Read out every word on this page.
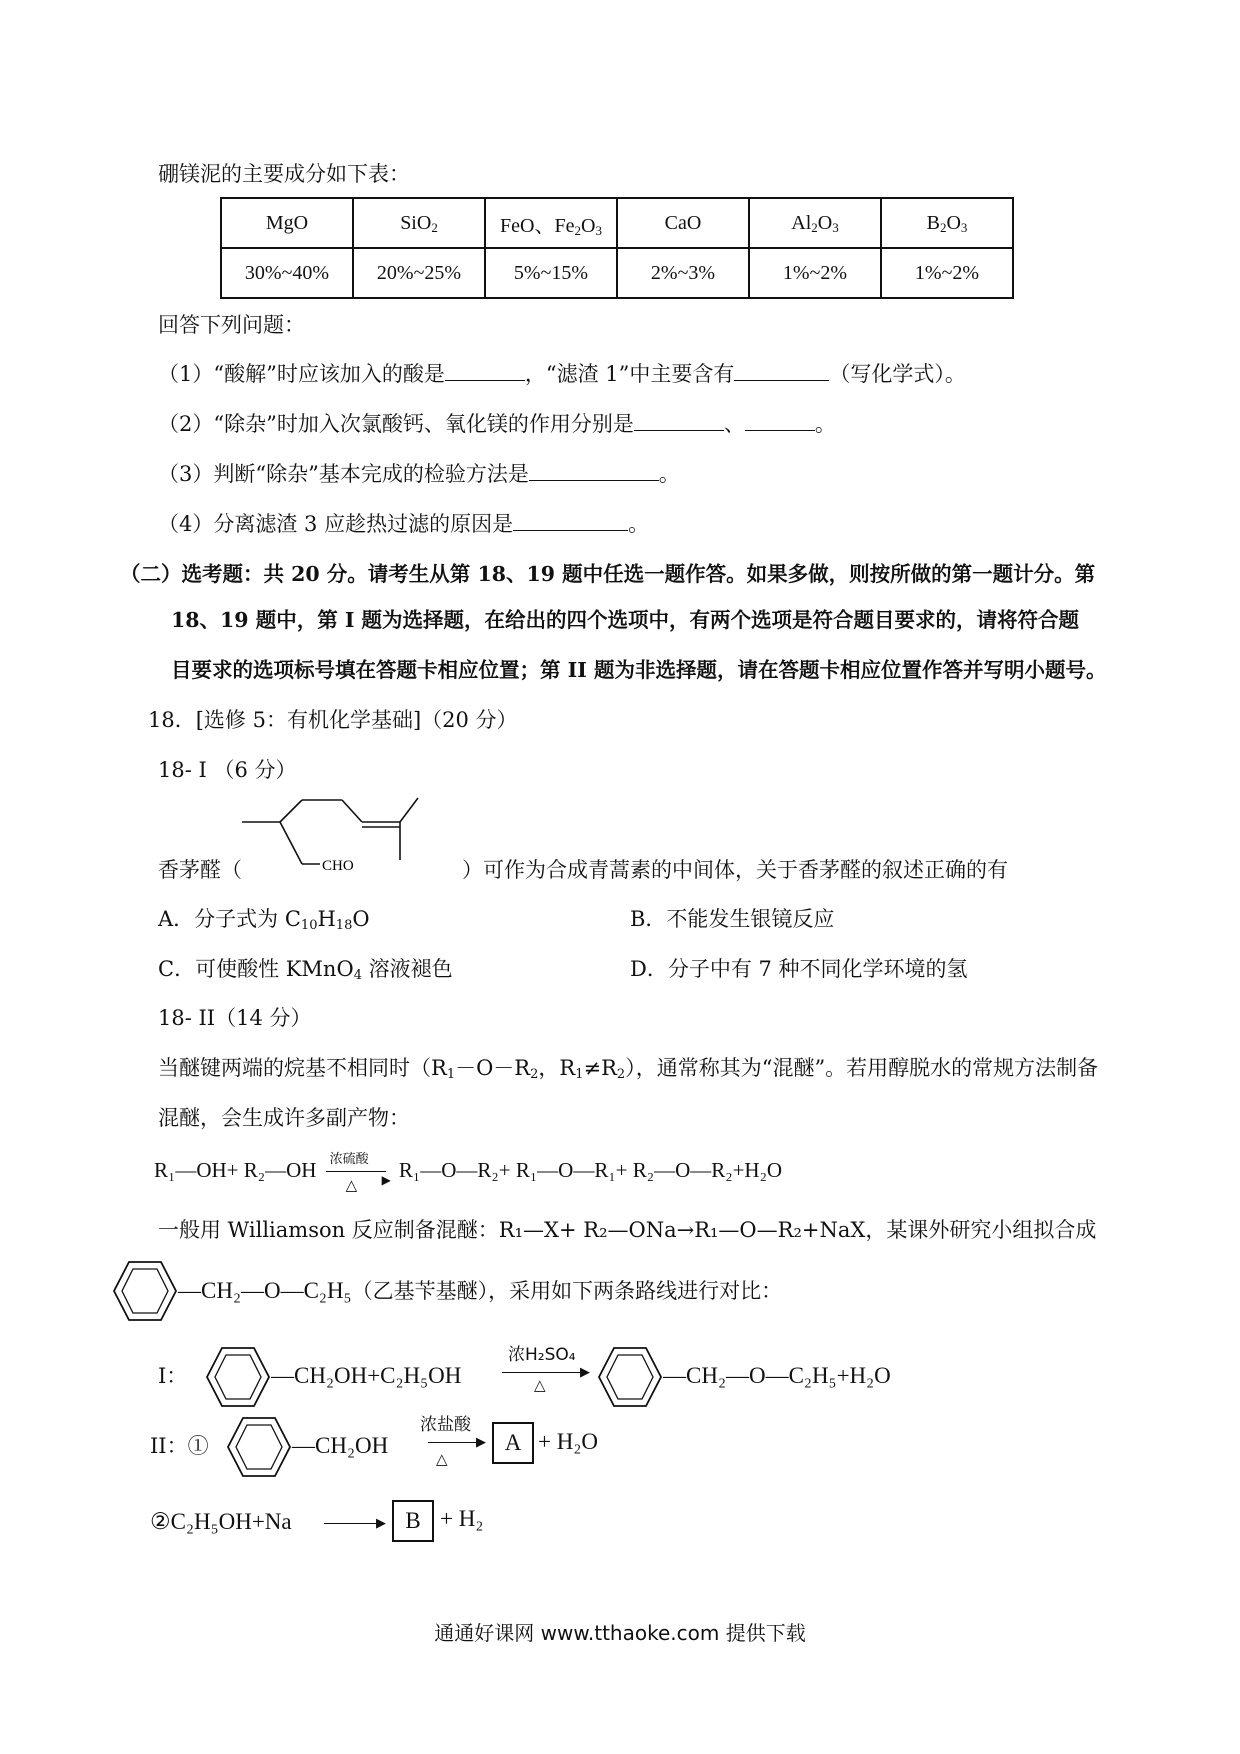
硼镁泥的主要成分如下表：
MgO	SiO$_2$	FeO、$Fe_2O_3$	CaO	$Al_2O_3$	$B_2O_3$
30%~40%	20%~25%	5%~15%	2%~3%	1%~2%	1%~2%
回答下列问题：
（1）“酸解”时应该加入的酸是	，“滤渣 1”中主要含有	（写化学式）。
（2）“除杂”时加入次氯酸钙、氧化镁的作用分别是	、	。
（3）判断“除杂”基本完成的检验方法是	。
（4）分离滤渣 3 应趁热过滤的原因是	。
（二）选考题：共 20 分。请考生从第 18、19 题中任选一题作答。如果多做，则按所做的第一题计分。第
18、19 题中，第 I 题为选择题，在给出的四个选项中，有两个选项是符合题目要求的，请将符合题
目要求的选项标号填在答题卡相应位置；第 II 题为非选择题，请在答题卡相应位置作答并写明小题号。
18．[选修 5：有机化学基础]（20 分）
18- I （6 分）
CHO
香茅醛（	）可作为合成青蒿素的中间体，关于香茅醛的叙述正确的有
A．分子式为 $C_{10}H_{18}O$	B．不能发生银镜反应
C．可使酸性 KMnO$_4$ 溶液褪色	D．分子中有 7 种不同化学环境的氢
18- II（14 分）
当醚键两端的烷基不相同时（$R_1-O-R_2$，$R_1\ne R_2$），通常称其为“混醚”。若用醇脱水的常规方法制备
混醚，会生成许多副产物：
R₁—OH+ R₂—OH 浓硫酸
▶
△
R₁—O—R₂+ R₁—O—R₁+ R₂—O—R₂+H₂O
一般用 Williamson 反应制备混醚：R₁—X+ R₂—ONa→R₁—O—R₂+NaX，某课外研究小组拟合成
—CH₂—O—C₂H₅（乙基苄基醚），采用如下两条路线进行对比：
I：	—CH₂OH+C₂H₅OH
浓H₂SO₄
▶
△	—CH₂—O—C₂H₅+H₂O
II：①	—CH₂OH
浓盐酸
▶
△
A + H₂O
②C₂H₅OH+Na	▶ B + H₂
通通好课网 www.tthaoke.com 提供下载
